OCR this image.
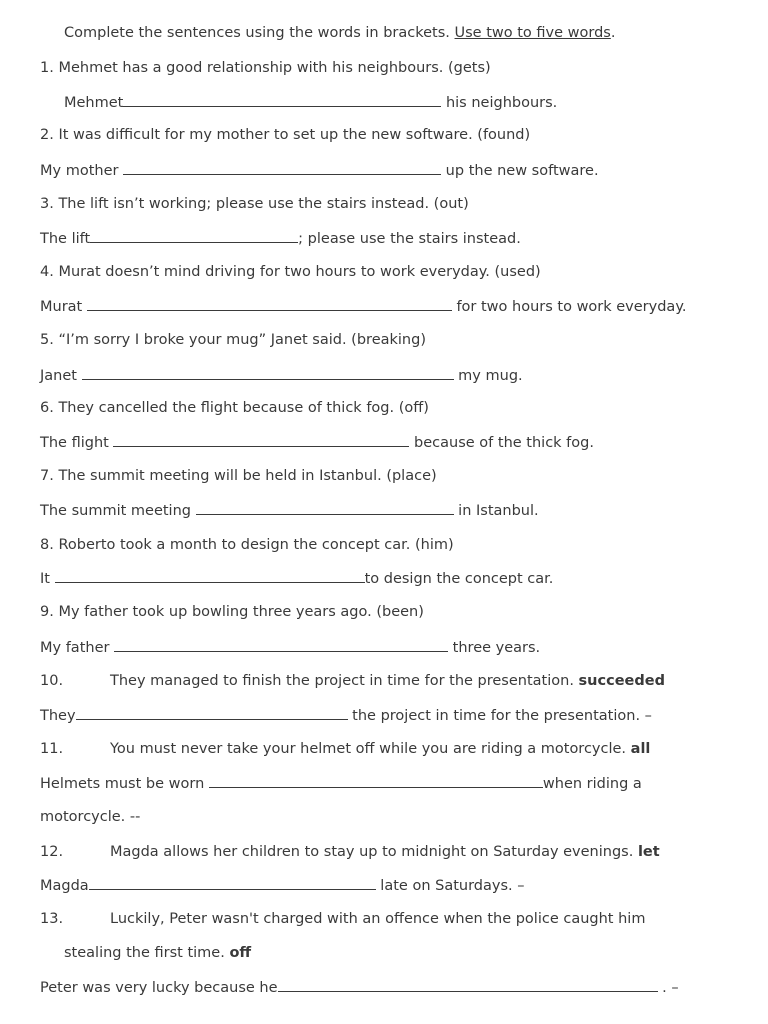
Complete the sentences using the words in brackets. Use two to five words.
1. Mehmet has a good relationship with his neighbours. (gets)
Mehmet	his neighbours.
2. It was difficult for my mother to set up the new software. (found)
My mother	up the new software.
3. The lift isn’t working; please use the stairs instead. (out)
The lift	; please use the stairs instead.
4. Murat doesn’t mind driving for two hours to work everyday. (used)
Murat	for two hours to work everyday.
5. “I’m sorry I broke your mug” Janet said. (breaking)
Janet	my mug.
6. They cancelled the flight because of thick fog. (off)
The flight	because of the thick fog.
7. The summit meeting will be held in Istanbul. (place)
The summit meeting	in Istanbul.
8. Roberto took a month to design the concept car. (him)
It	to design the concept car.
9. My father took up bowling three years ago. (been)
My father	three years.
10.	They managed to finish the project in time for the presentation. succeeded
They	the project in time for the presentation. –
11.	You must never take your helmet off while you are riding a motorcycle. all
Helmets must be worn	when riding a
motorcycle. --
12.	Magda allows her children to stay up to midnight on Saturday evenings. let
Magda	late on Saturdays. –
13.	Luckily, Peter wasn't charged with an offence when the police caught him
stealing the first time. off
Peter was very lucky because he	. –
